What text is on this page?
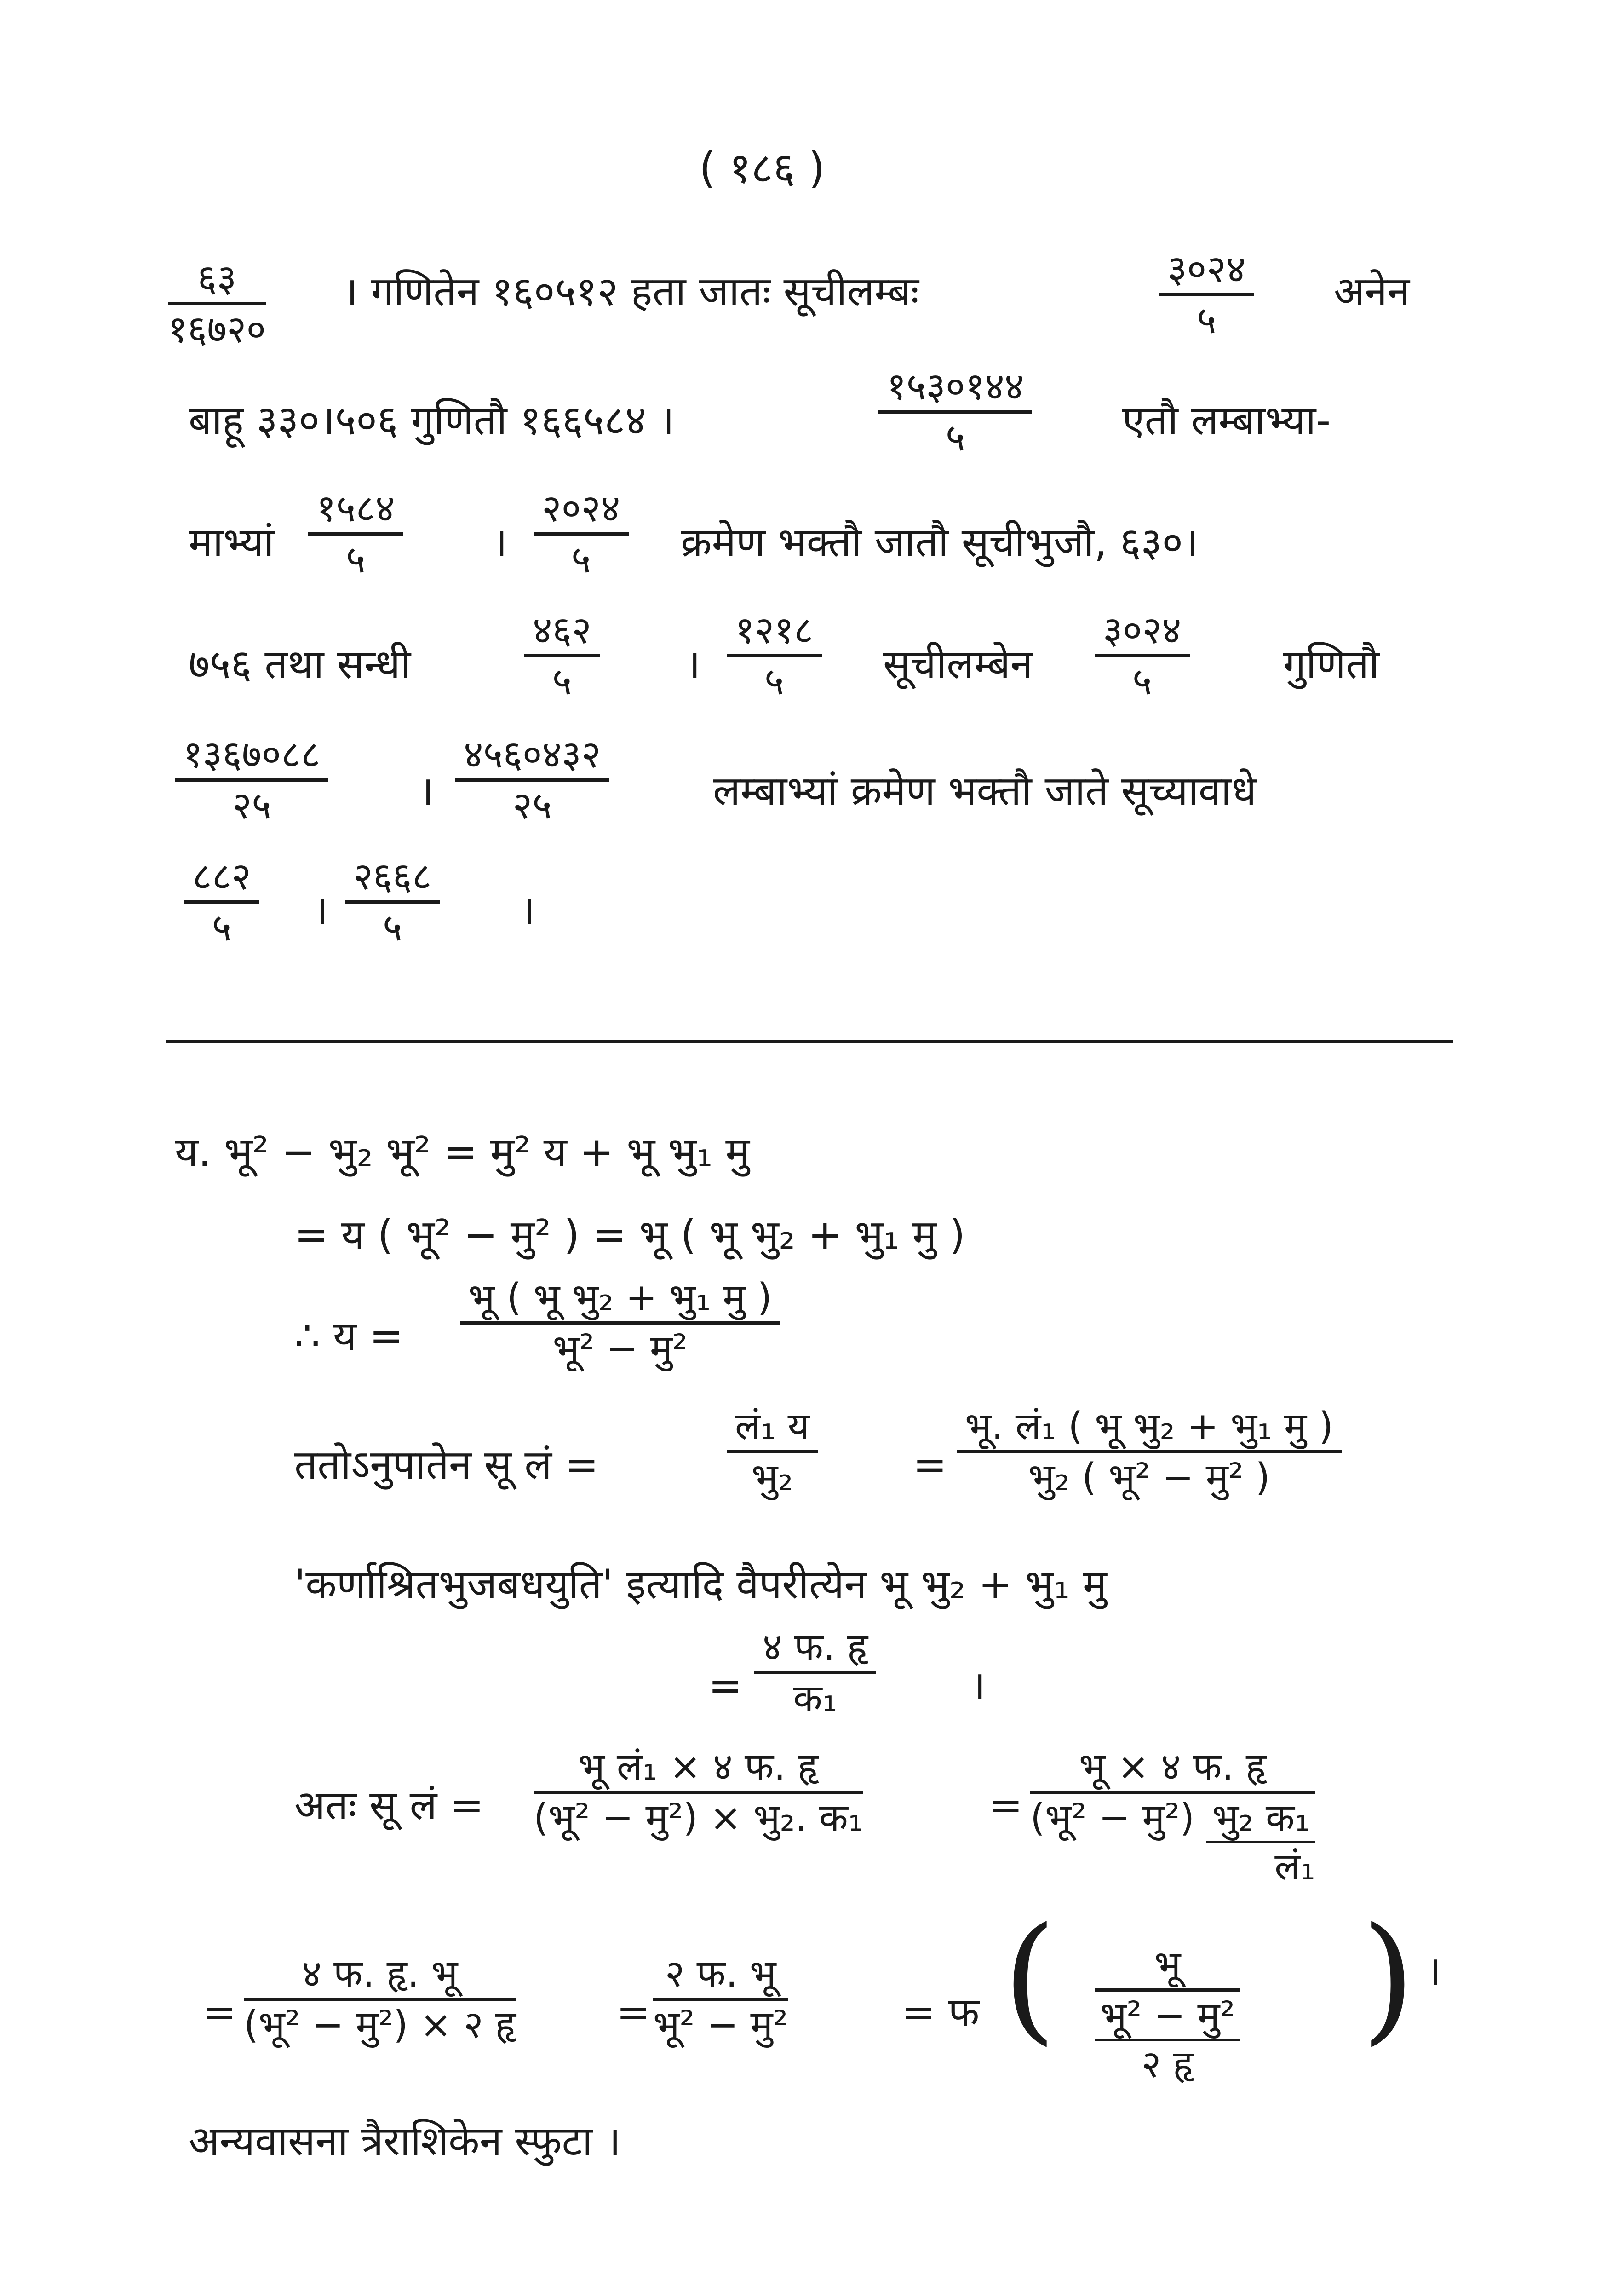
( १८६ )
६३
१६७२०
। गणितेन १६०५१२ हता जातः सूचीलम्बः	३०२४
५
अनेन
बाहू ३३०।५०६ गुणितौ १६६५८४ ।
१५३०१४४
५	एतौ लम्बाभ्या-
माभ्यां
१५८४
५	।
२०२४
५	क्रमेण भक्तौ जातौ सूचीभुजौ, ६३०।
७५६ तथा सन्धी
४६२
५	।
१२१८
५	सूचीलम्बेन
३०२४
५	गुणितौ
१३६७०८८
२५	।
४५६०४३२
२५	लम्बाभ्यां क्रमेण भक्तौ जाते सूच्यावाधे
८८२
५	।
२६६८
५	।
य. भू² − भु₂ भू² = मु² य + भू भु₁ मु
= य ( भू² − मु² ) = भू ( भू भु₂ + भु₁ मु )
∴ य =
भू ( भू भु₂ + भु₁ मु )
भू² − मु²
ततोऽनुपातेन सू लं =
लं₁ य
भु₂	=
भू. लं₁ ( भू भु₂ + भु₁ मु )
भु₂ ( भू² − मु² )
'कर्णाश्रितभुजबधयुति' इत्यादि वैपरीत्येन भू भु₂ + भु₁ मु
=
४ फ. हृ
क₁	।
अतः सू लं =
भू लं₁ × ४ फ. हृ
(भू² − मु²) × भु₂. क₁	=
भू × ४ फ. हृ
(भू² − मु²) भु₂ क₁
लं₁
=
४ फ. हृ. भू
(भू² − मु²) × २ हृ =
२ फ. भू
भू² − मु²	= फ (	भू
भू² − मु²
२ हृ
) ।
अन्यवासना त्रैराशिकेन स्फुटा ।
